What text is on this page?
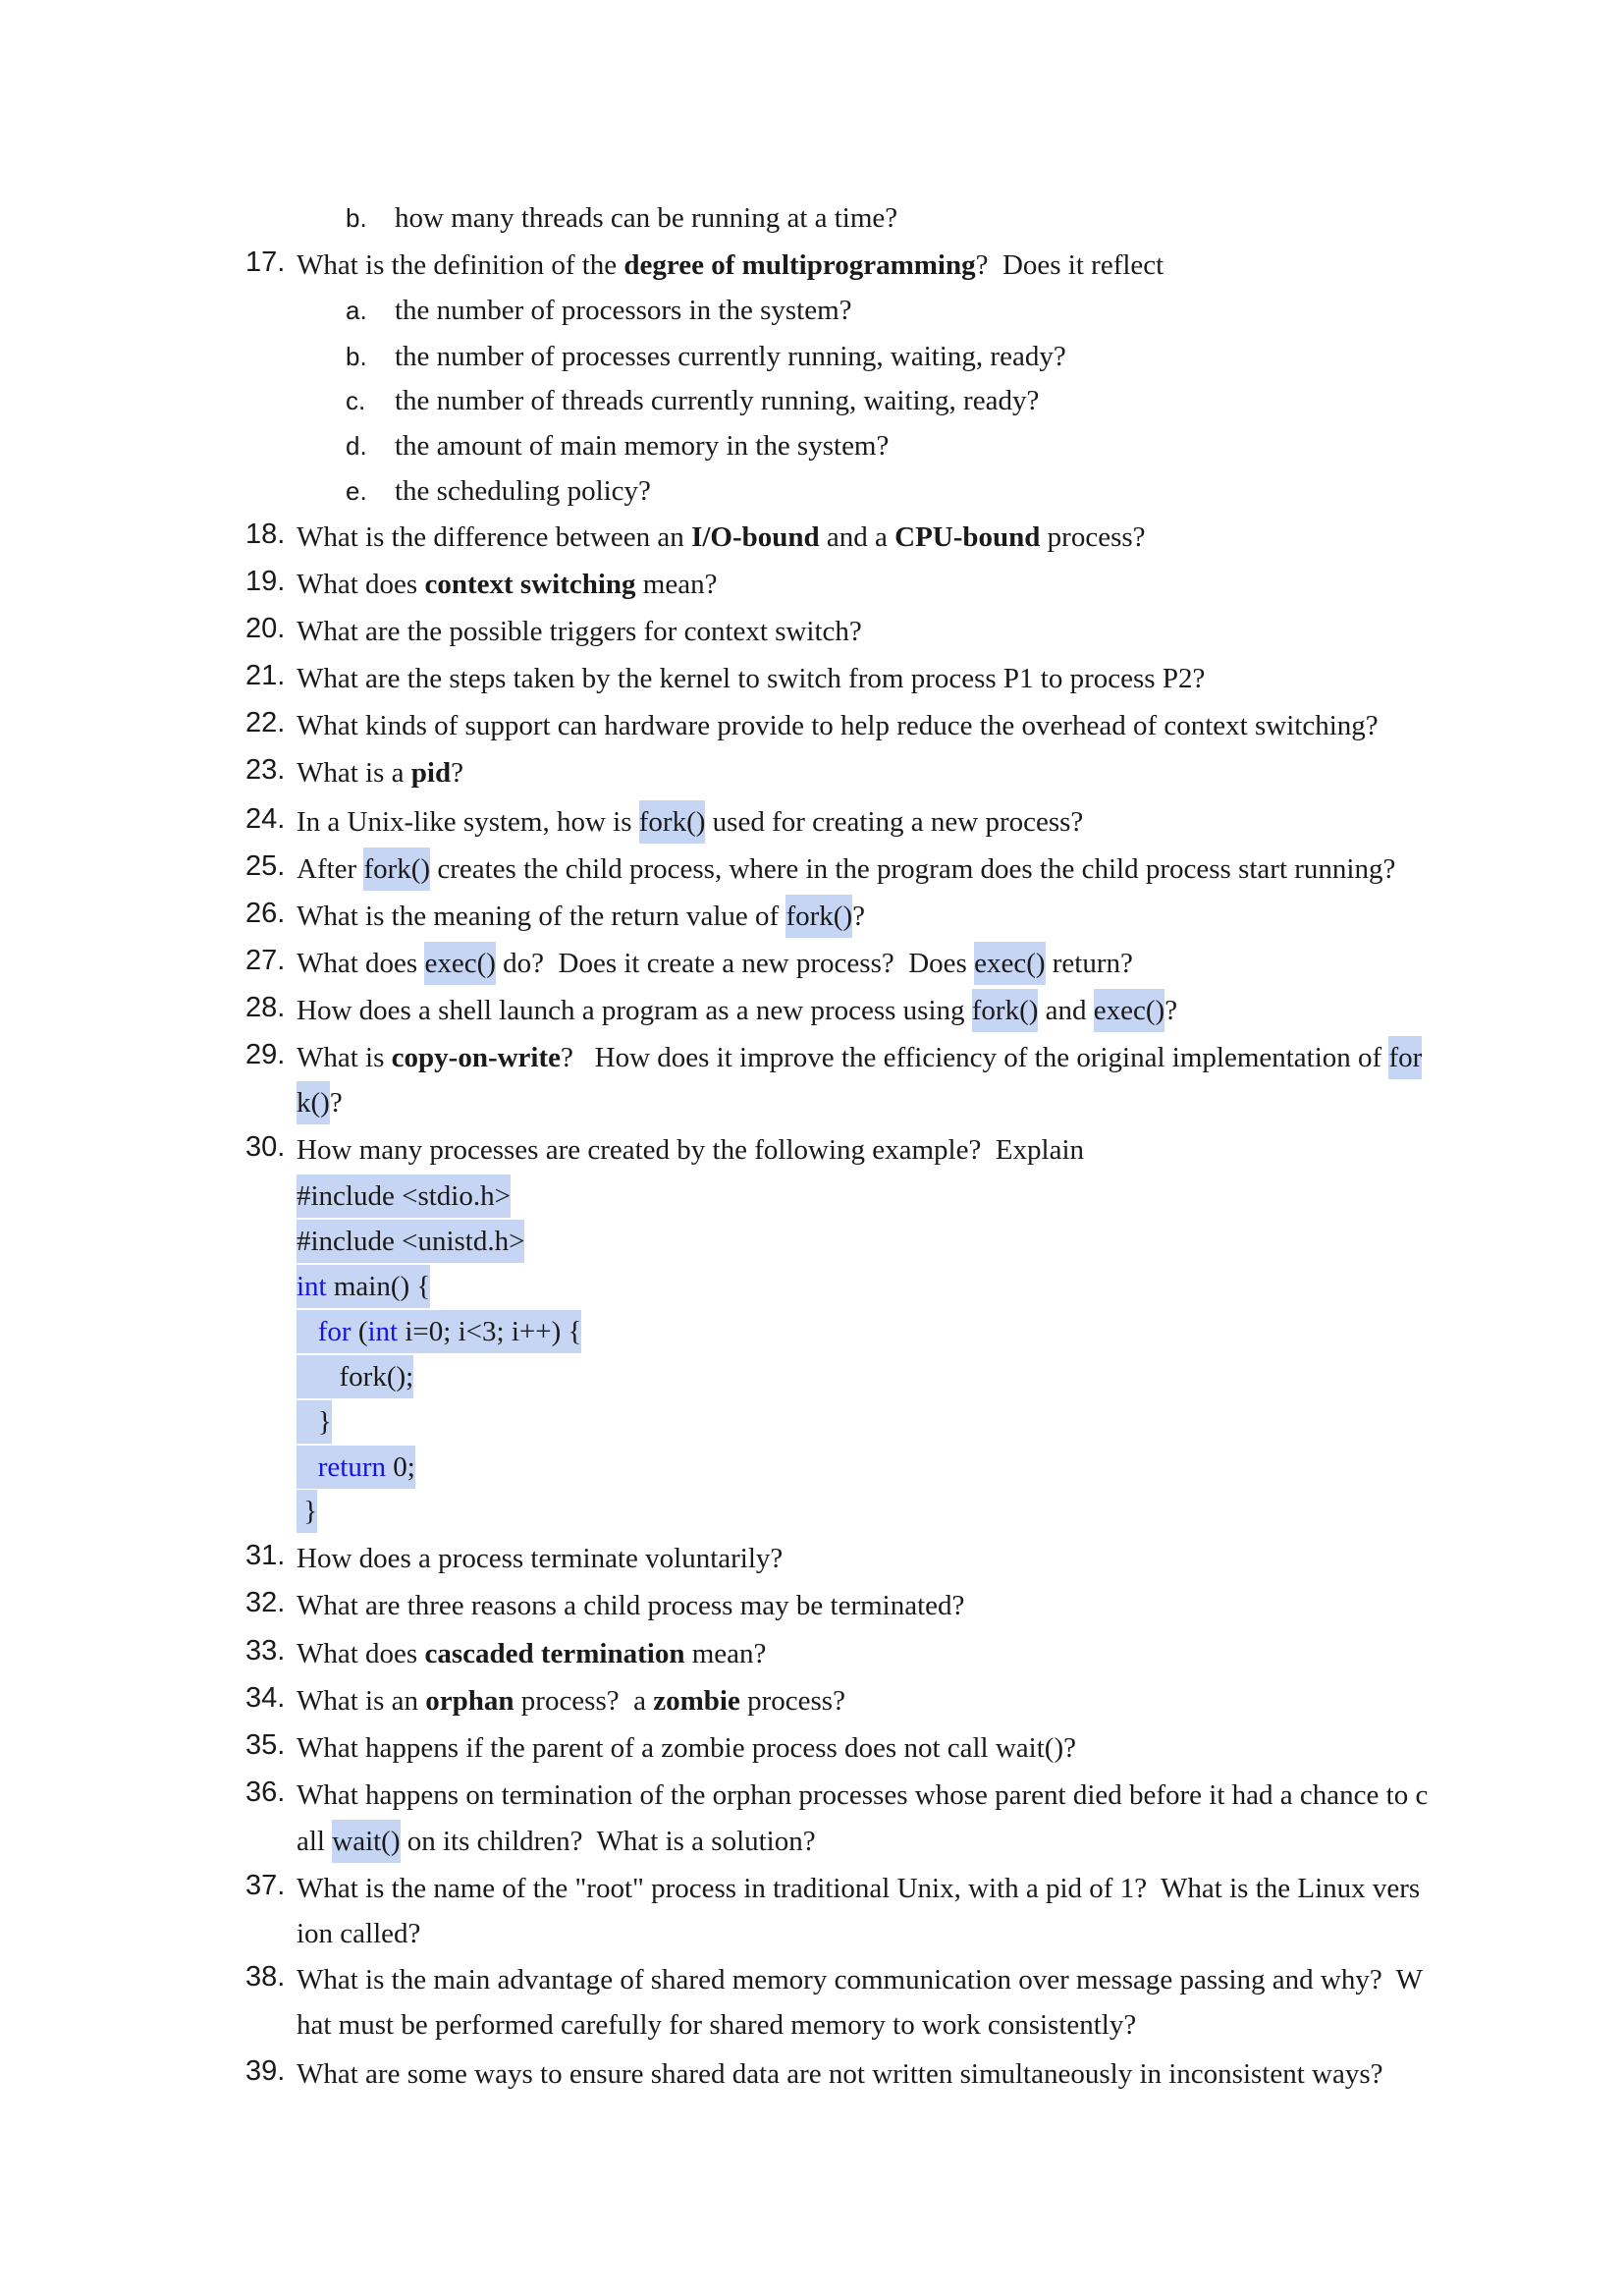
b. how many threads can be running at a time?
17. What is the definition of the degree of multiprogramming?  Does it reflect
a. the number of processors in the system?
b. the number of processes currently running, waiting, ready?
c. the number of threads currently running, waiting, ready?
d. the amount of main memory in the system?
e. the scheduling policy?
18. What is the difference between an I/O-bound and a CPU-bound process?
19. What does context switching mean?
20. What are the possible triggers for context switch?
21. What are the steps taken by the kernel to switch from process P1 to process P2?
22. What kinds of support can hardware provide to help reduce the overhead of context switching?
23. What is a pid?
24. In a Unix-like system, how is fork() used for creating a new process?
25. After fork() creates the child process, where in the program does the child process start running?
26. What is the meaning of the return value of fork()?
27. What does exec() do?  Does it create a new process?  Does exec() return?
28. How does a shell launch a program as a new process using fork() and exec()?
29. What is copy-on-write?   How does it improve the efficiency of the original implementation of for
k()?
30. How many processes are created by the following example?  Explain
#include <stdio.h>
#include <unistd.h>
int main() {
for (int i=0; i<3; i++) {
fork();
}
return 0;
}
31. How does a process terminate voluntarily?
32. What are three reasons a child process may be terminated?
33. What does cascaded termination mean?
34. What is an orphan process?  a zombie process?
35. What happens if the parent of a zombie process does not call wait()?
36. What happens on termination of the orphan processes whose parent died before it had a chance to c
all wait() on its children?  What is a solution?
37. What is the name of the "root" process in traditional Unix, with a pid of 1?  What is the Linux vers
ion called?
38. What is the main advantage of shared memory communication over message passing and why?  W
hat must be performed carefully for shared memory to work consistently?
39. What are some ways to ensure shared data are not written simultaneously in inconsistent ways?
